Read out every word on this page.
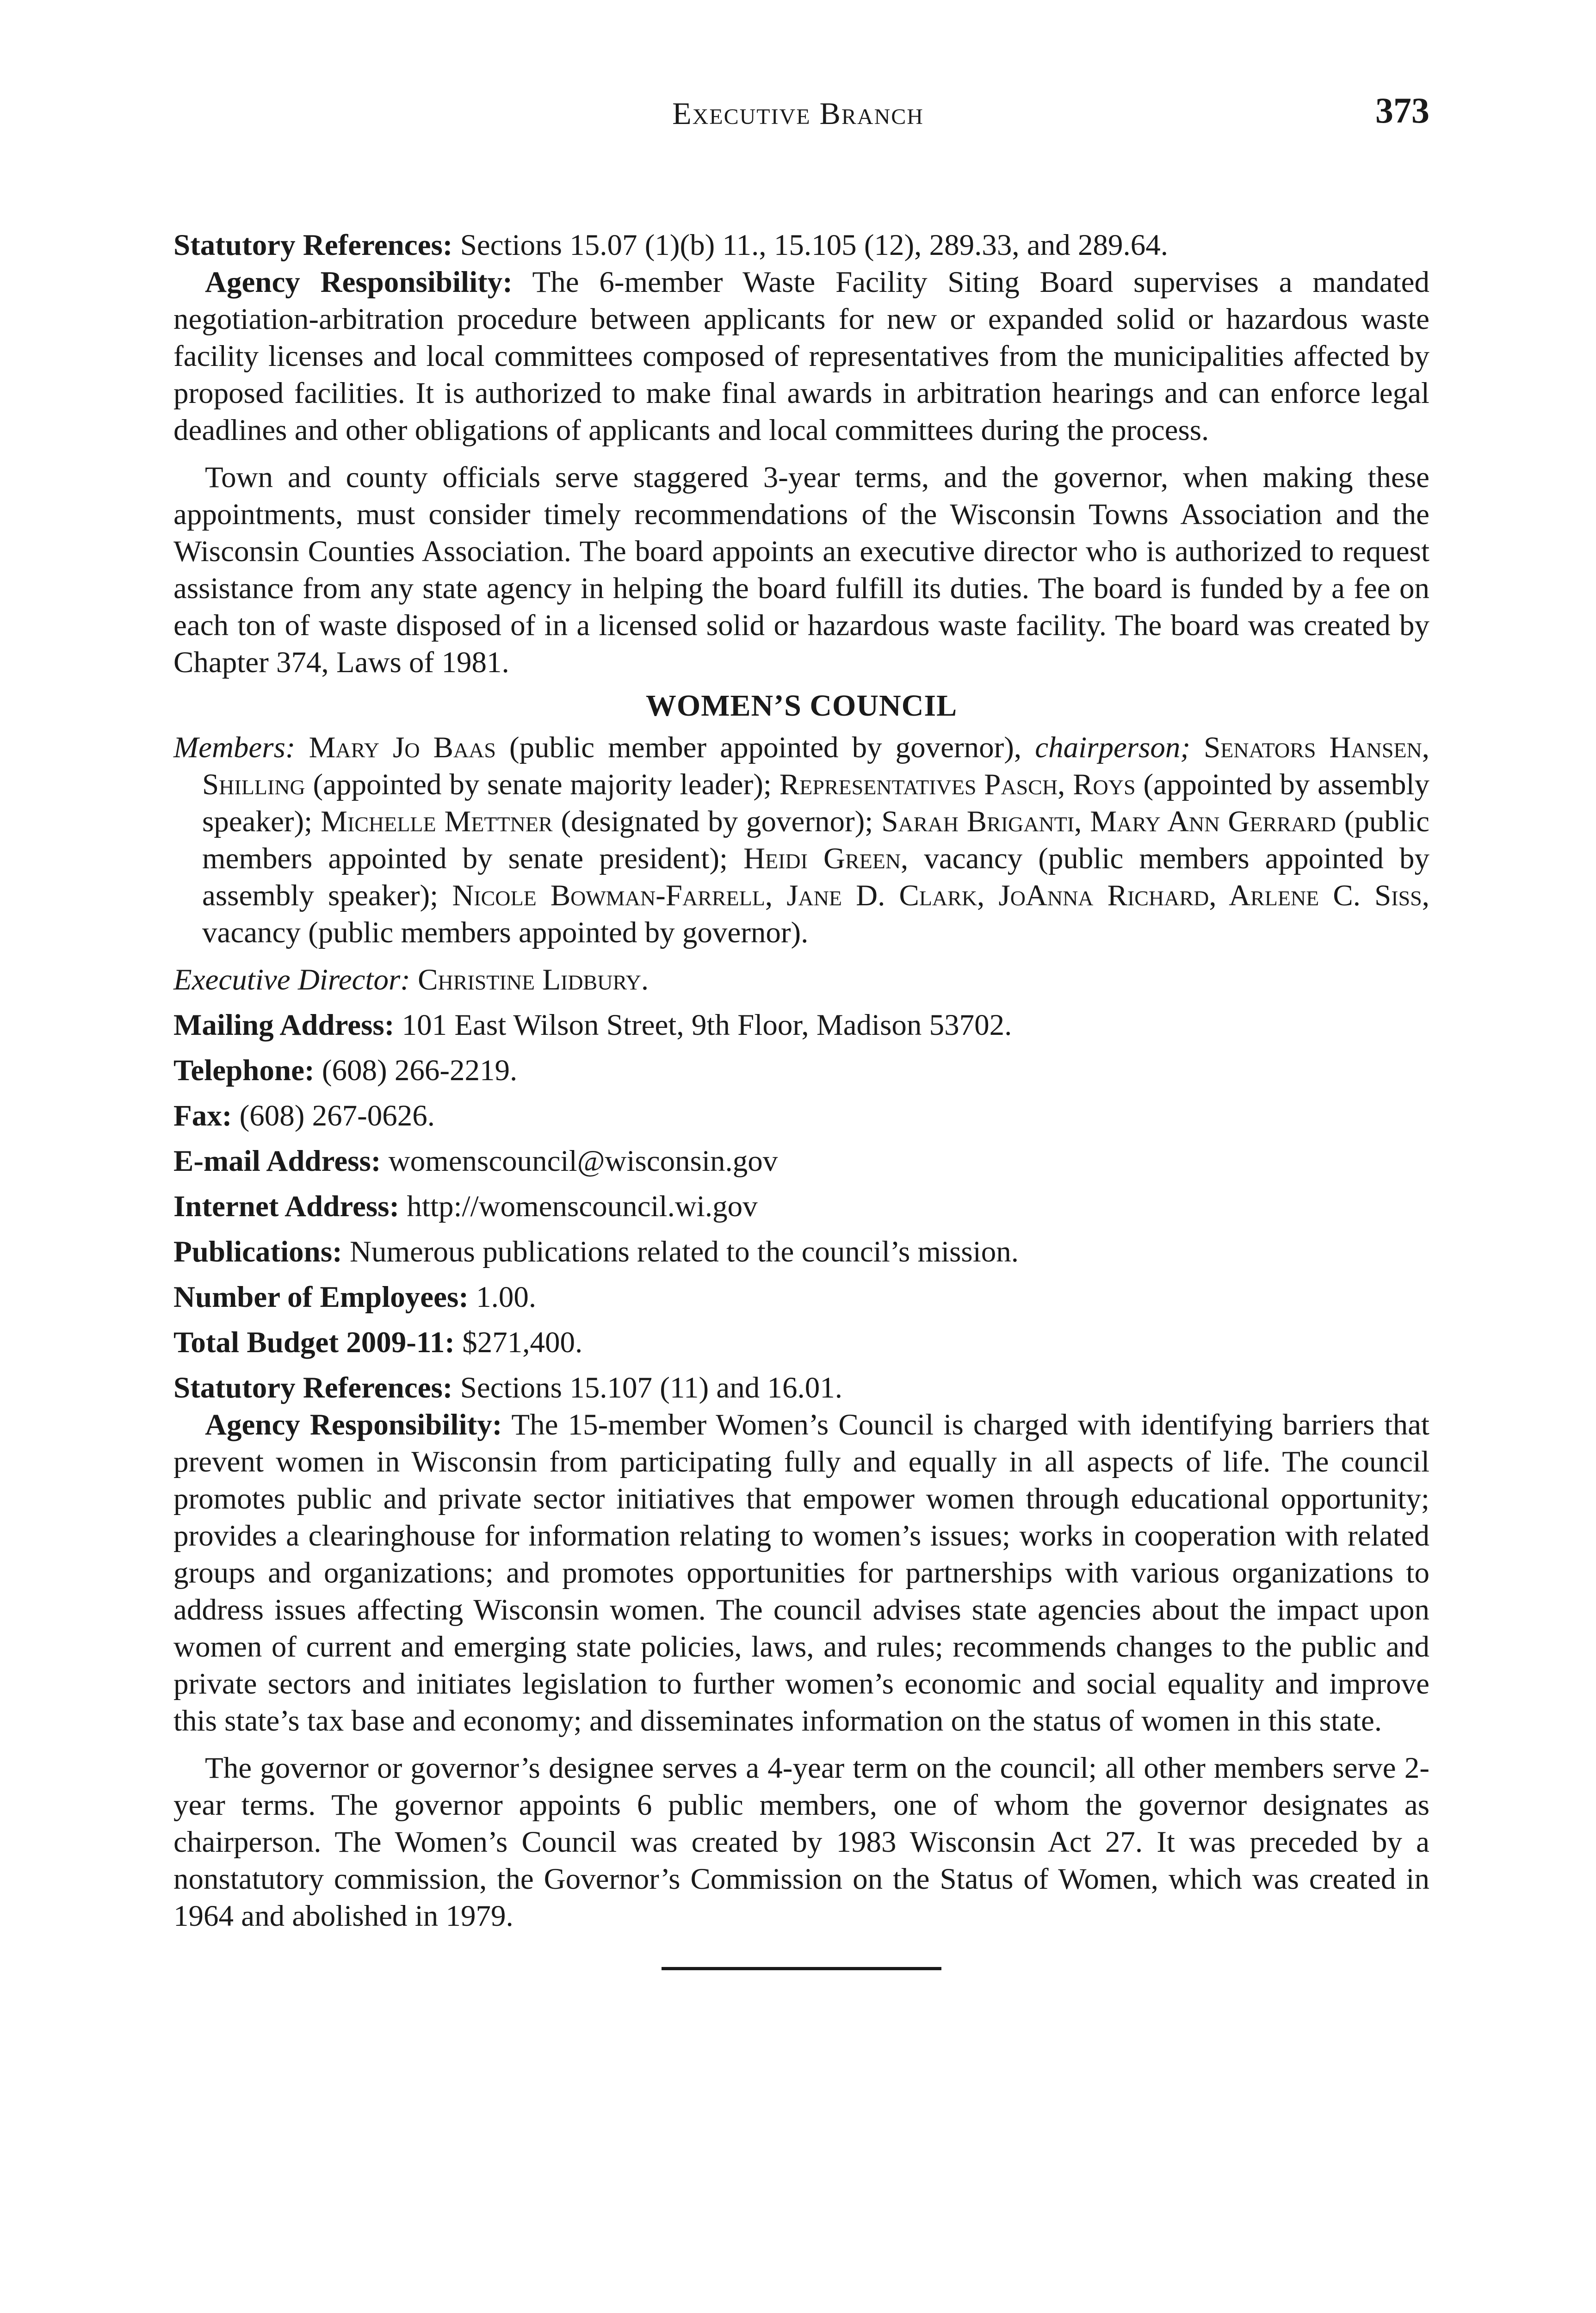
Executive Branch	373

Statutory References: Sections 15.07 (1)(b) 11., 15.105 (12), 289.33, and 289.64.

Agency Responsibility: The 6-member Waste Facility Siting Board supervises a mandated negotiation-arbitration procedure between applicants for new or expanded solid or hazardous waste facility licenses and local committees composed of representatives from the municipalities affected by proposed facilities. It is authorized to make final awards in arbitration hearings and can enforce legal deadlines and other obligations of applicants and local committees during the process.

Town and county officials serve staggered 3-year terms, and the governor, when making these appointments, must consider timely recommendations of the Wisconsin Towns Association and the Wisconsin Counties Association. The board appoints an executive director who is authorized to request assistance from any state agency in helping the board fulfill its duties. The board is funded by a fee on each ton of waste disposed of in a licensed solid or hazardous waste facility. The board was created by Chapter 374, Laws of 1981.

WOMEN’S COUNCIL

Members: Mary Jo Baas (public member appointed by governor), chairperson; Senators Hansen, Shilling (appointed by senate majority leader); Representatives Pasch, Roys (appointed by assembly speaker); Michelle Mettner (designated by governor); Sarah Briganti, Mary Ann Gerrard (public members appointed by senate president); Heidi Green, vacancy (public members appointed by assembly speaker); Nicole Bowman-Farrell, Jane D. Clark, JoAnna Richard, Arlene C. Siss, vacancy (public members appointed by governor).

Executive Director: Christine Lidbury.

Mailing Address: 101 East Wilson Street, 9th Floor, Madison 53702.

Telephone: (608) 266-2219.

Fax: (608) 267-0626.

E-mail Address: womenscouncil@wisconsin.gov

Internet Address: http://womenscouncil.wi.gov

Publications: Numerous publications related to the council’s mission.

Number of Employees: 1.00.

Total Budget 2009-11: $271,400.

Statutory References: Sections 15.107 (11) and 16.01.

Agency Responsibility: The 15-member Women’s Council is charged with identifying barriers that prevent women in Wisconsin from participating fully and equally in all aspects of life. The council promotes public and private sector initiatives that empower women through educational opportunity; provides a clearinghouse for information relating to women’s issues; works in cooperation with related groups and organizations; and promotes opportunities for partnerships with various organizations to address issues affecting Wisconsin women. The council advises state agencies about the impact upon women of current and emerging state policies, laws, and rules; recommends changes to the public and private sectors and initiates legislation to further women’s economic and social equality and improve this state’s tax base and economy; and disseminates information on the status of women in this state.

The governor or governor’s designee serves a 4-year term on the council; all other members serve 2-year terms. The governor appoints 6 public members, one of whom the governor designates as chairperson. The Women’s Council was created by 1983 Wisconsin Act 27. It was preceded by a nonstatutory commission, the Governor’s Commission on the Status of Women, which was created in 1964 and abolished in 1979.
